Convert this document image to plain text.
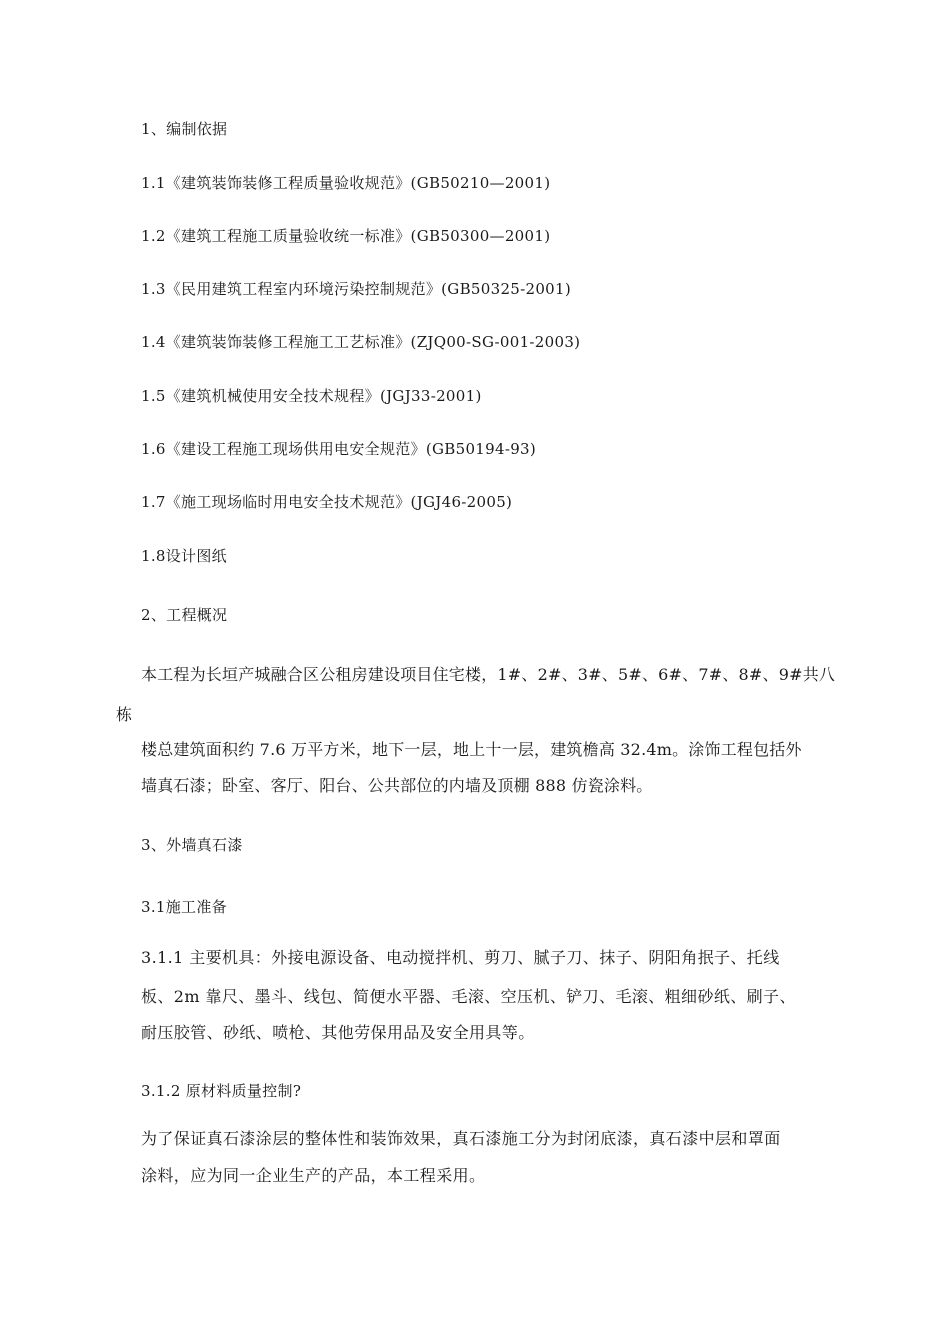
1、编制依据
1.1《建筑装饰装修工程质量验收规范》(GB50210—2001)
1.2《建筑工程施工质量验收统一标准》(GB50300—2001)
1.3《民用建筑工程室内环境污染控制规范》(GB50325-2001)
1.4《建筑装饰装修工程施工工艺标准》(ZJQ00-SG-001-2003)
1.5《建筑机械使用安全技术规程》(JGJ33-2001)
1.6《建设工程施工现场供用电安全规范》(GB50194-93)
1.7《施工现场临时用电安全技术规范》(JGJ46-2005)
1.8设计图纸
2、工程概况
本工程为长垣产城融合区公租房建设项目住宅楼，1#、2#、3#、5#、6#、7#、8#、9#共八
栋
楼总建筑面积约 7.6 万平方米，地下一层，地上十一层，建筑檐高 32.4m。涂饰工程包括外
墙真石漆；卧室、客厅、阳台、公共部位的内墙及顶棚 888 仿瓷涂料。
3、外墙真石漆
3.1施工准备
3.1.1 主要机具：外接电源设备、电动搅拌机、剪刀、腻子刀、抹子、阴阳角抿子、托线
板、2m 靠尺、墨斗、线包、简便水平器、毛滚、空压机、铲刀、毛滚、粗细砂纸、刷子、
耐压胶管、砂纸、喷枪、其他劳保用品及安全用具等。
3.1.2 原材料质量控制?
为了保证真石漆涂层的整体性和装饰效果，真石漆施工分为封闭底漆，真石漆中层和罩面
涂料，应为同一企业生产的产品，本工程采用。
